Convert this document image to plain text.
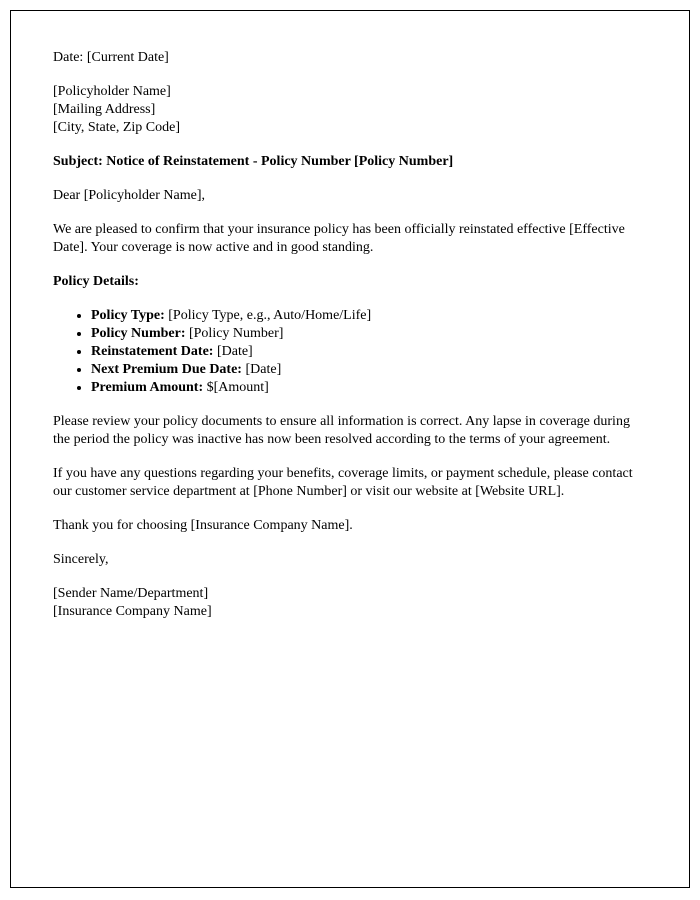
Date: [Current Date]

[Policyholder Name]

[Mailing Address]

[City, State, Zip Code]

Subject: Notice of Reinstatement - Policy Number [Policy Number]

Dear [Policyholder Name],

We are pleased to confirm that your insurance policy has been officially reinstated effective [Effective Date]. Your coverage is now active and in good standing.

Policy Details:

• Policy Type: [Policy Type, e.g., Auto/Home/Life]
• Policy Number: [Policy Number]
• Reinstatement Date: [Date]
• Next Premium Due Date: [Date]
• Premium Amount: $[Amount]

Please review your policy documents to ensure all information is correct. Any lapse in coverage during the period the policy was inactive has now been resolved according to the terms of your agreement.

If you have any questions regarding your benefits, coverage limits, or payment schedule, please contact our customer service department at [Phone Number] or visit our website at [Website URL].

Thank you for choosing [Insurance Company Name].

Sincerely,

[Sender Name/Department]

[Insurance Company Name]
